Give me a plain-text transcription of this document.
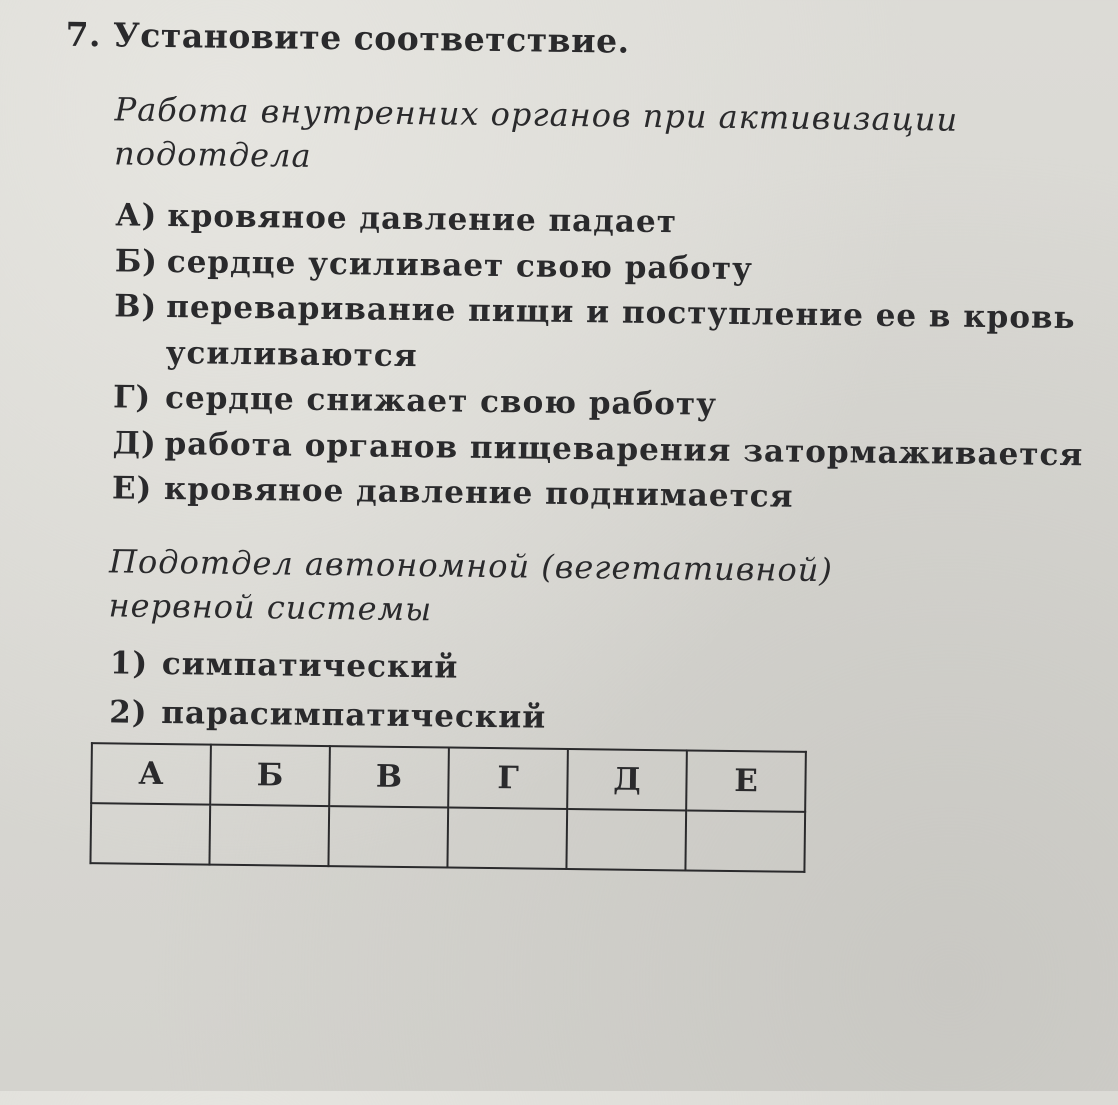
7. Установите соответствие.
Работа внутренних органов при активизации
подотдела
А) кровяное давление падает
Б) сердце усиливает свою работу
В) переваривание пищи и поступление ее в кровь
усиливаются
Г) сердце снижает свою работу
Д) работа органов пищеварения затормаживается
Е) кровяное давление поднимается
Подотдел автономной (вегетативной)
нервной системы
1) симпатический
2) парасимпатический
А	Б	В	Г	Д	Е
